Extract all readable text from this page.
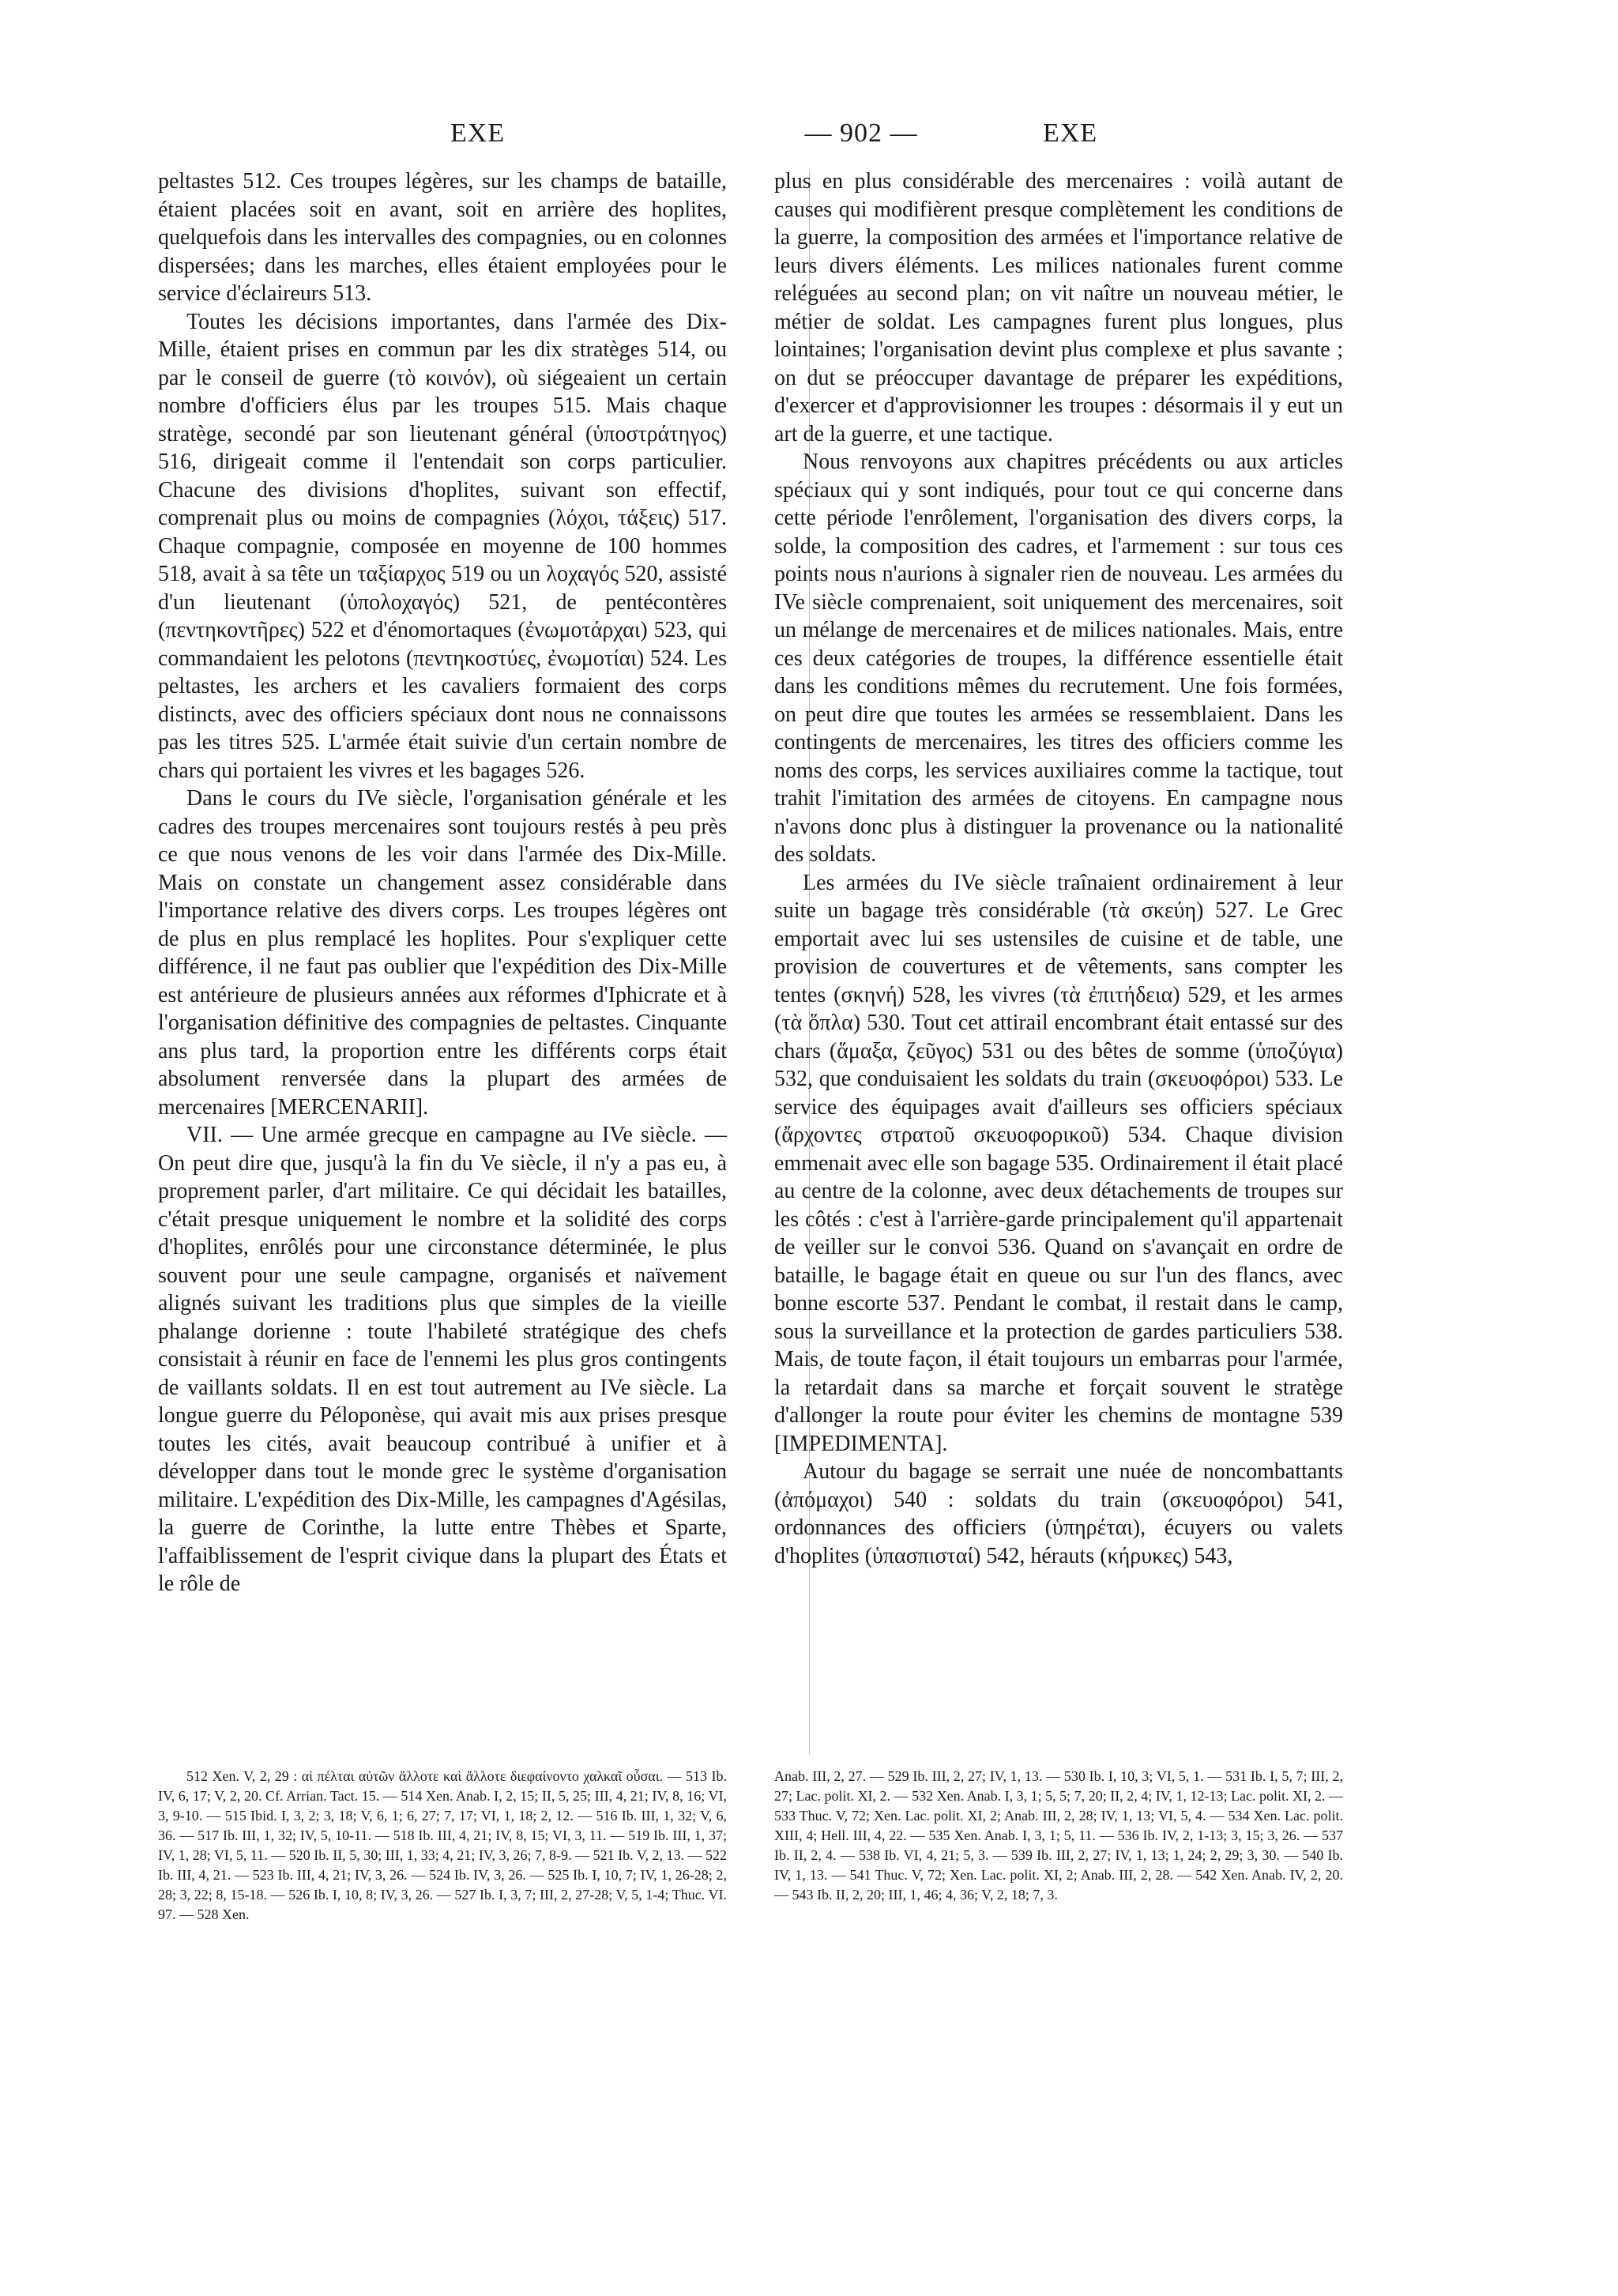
EXE	— 902 —	EXE

peltastes 512. Ces troupes légères, sur les champs de bataille, étaient placées soit en avant, soit en arrière des hoplites, quelquefois dans les intervalles des compagnies, ou en colonnes dispersées; dans les marches, elles étaient employées pour le service d'éclaireurs 513.

Toutes les décisions importantes, dans l'armée des Dix-Mille, étaient prises en commun par les dix stratèges 514, ou par le conseil de guerre (τὸ κοινόν), où siégeaient un certain nombre d'officiers élus par les troupes 515. Mais chaque stratège, secondé par son lieutenant général (ὑποστράτηγος) 516, dirigeait comme il l'entendait son corps particulier. Chacune des divisions d'hoplites, suivant son effectif, comprenait plus ou moins de compagnies (λόχοι, τάξεις) 517. Chaque compagnie, composée en moyenne de 100 hommes 518, avait à sa tête un ταξίαρχος 519 ou un λοχαγός 520, assisté d'un lieutenant (ὑπολοχαγός) 521, de pentécontères (πεντηκοντῆρες) 522 et d'énomortaques (ἐνωμοτάρχαι) 523, qui commandaient les pelotons (πεντηκοστύες, ἐνωμοτίαι) 524. Les peltastes, les archers et les cavaliers formaient des corps distincts, avec des officiers spéciaux dont nous ne connaissons pas les titres 525. L'armée était suivie d'un certain nombre de chars qui portaient les vivres et les bagages 526.

Dans le cours du IVe siècle, l'organisation générale et les cadres des troupes mercenaires sont toujours restés à peu près ce que nous venons de les voir dans l'armée des Dix-Mille. Mais on constate un changement assez considérable dans l'importance relative des divers corps. Les troupes légères ont de plus en plus remplacé les hoplites. Pour s'expliquer cette différence, il ne faut pas oublier que l'expédition des Dix-Mille est antérieure de plusieurs années aux réformes d'Iphicrate et à l'organisation définitive des compagnies de peltastes. Cinquante ans plus tard, la proportion entre les différents corps était absolument renversée dans la plupart des armées de mercenaires [MERCENARII].

VII. — Une armée grecque en campagne au IVe siècle. — On peut dire que, jusqu'à la fin du Ve siècle, il n'y a pas eu, à proprement parler, d'art militaire. Ce qui décidait les batailles, c'était presque uniquement le nombre et la solidité des corps d'hoplites, enrôlés pour une circonstance déterminée, le plus souvent pour une seule campagne, organisés et naïvement alignés suivant les traditions plus que simples de la vieille phalange dorienne : toute l'habileté stratégique des chefs consistait à réunir en face de l'ennemi les plus gros contingents de vaillants soldats. Il en est tout autrement au IVe siècle. La longue guerre du Péloponèse, qui avait mis aux prises presque toutes les cités, avait beaucoup contribué à unifier et à développer dans tout le monde grec le système d'organisation militaire. L'expédition des Dix-Mille, les campagnes d'Agésilas, la guerre de Corinthe, la lutte entre Thèbes et Sparte, l'affaiblissement de l'esprit civique dans la plupart des États et le rôle de

plus en plus considérable des mercenaires : voilà autant de causes qui modifièrent presque complètement les conditions de la guerre, la composition des armées et l'importance relative de leurs divers éléments. Les milices nationales furent comme reléguées au second plan; on vit naître un nouveau métier, le métier de soldat. Les campagnes furent plus longues, plus lointaines; l'organisation devint plus complexe et plus savante ; on dut se préoccuper davantage de préparer les expéditions, d'exercer et d'approvisionner les troupes : désormais il y eut un art de la guerre, et une tactique.

Nous renvoyons aux chapitres précédents ou aux articles spéciaux qui y sont indiqués, pour tout ce qui concerne dans cette période l'enrôlement, l'organisation des divers corps, la solde, la composition des cadres, et l'armement : sur tous ces points nous n'aurions à signaler rien de nouveau. Les armées du IVe siècle comprenaient, soit uniquement des mercenaires, soit un mélange de mercenaires et de milices nationales. Mais, entre ces deux catégories de troupes, la différence essentielle était dans les conditions mêmes du recrutement. Une fois formées, on peut dire que toutes les armées se ressemblaient. Dans les contingents de mercenaires, les titres des officiers comme les noms des corps, les services auxiliaires comme la tactique, tout trahit l'imitation des armées de citoyens. En campagne nous n'avons donc plus à distinguer la provenance ou la nationalité des soldats.

Les armées du IVe siècle traînaient ordinairement à leur suite un bagage très considérable (τὰ σκεύη) 527. Le Grec emportait avec lui ses ustensiles de cuisine et de table, une provision de couvertures et de vêtements, sans compter les tentes (σκηνή) 528, les vivres (τὰ ἐπιτήδεια) 529, et les armes (τὰ ὅπλα) 530. Tout cet attirail encombrant était entassé sur des chars (ἅμαξα, ζεῦγος) 531 ou des bêtes de somme (ὑποζύγια) 532, que conduisaient les soldats du train (σκευοφόροι) 533. Le service des équipages avait d'ailleurs ses officiers spéciaux (ἄρχοντες στρατοῦ σκευοφορικοῦ) 534. Chaque division emmenait avec elle son bagage 535. Ordinairement il était placé au centre de la colonne, avec deux détachements de troupes sur les côtés : c'est à l'arrière-garde principalement qu'il appartenait de veiller sur le convoi 536. Quand on s'avançait en ordre de bataille, le bagage était en queue ou sur l'un des flancs, avec bonne escorte 537. Pendant le combat, il restait dans le camp, sous la surveillance et la protection de gardes particuliers 538. Mais, de toute façon, il était toujours un embarras pour l'armée, la retardait dans sa marche et forçait souvent le stratège d'allonger la route pour éviter les chemins de montagne 539 [IMPEDIMENTA].

Autour du bagage se serrait une nuée de noncombattants (ἀπόμαχοι) 540 : soldats du train (σκευοφόροι) 541, ordonnances des officiers (ὑπηρέται), écuyers ou valets d'hoplites (ὑπασπισταί) 542, hérauts (κήρυκες) 543,

512 Xen. V, 2, 29 : αἱ πέλται αὐτῶν ἄλλοτε καὶ ἄλλοτε διεφαίνοντο χαλκαῖ οὖσαι. — 513 Ib. IV, 6, 17; V, 2, 20. Cf. Arrian. Tact. 15. — 514 Xen. Anab. I, 2, 15; II, 5, 25; III, 4, 21; IV, 8, 16; VI, 3, 9-10. — 515 Ibid. I, 3, 2; 3, 18; V, 6, 1; 6, 27; 7, 17; VI, 1, 18; 2, 12. — 516 Ib. III, 1, 32; V, 6, 36. — 517 Ib. III, 1, 32; IV, 5, 10-11. — 518 Ib. III, 4, 21; IV, 8, 15; VI, 3, 11. — 519 Ib. III, 1, 37; IV, 1, 28; VI, 5, 11. — 520 Ib. II, 5, 30; III, 1, 33; 4, 21; IV, 3, 26; 7, 8-9. — 521 Ib. V, 2, 13. — 522 Ib. III, 4, 21. — 523 Ib. III, 4, 21; IV, 3, 26. — 524 Ib. IV, 3, 26. — 525 Ib. I, 10, 7; IV, 1, 26-28; 2, 28; 3, 22; 8, 15-18. — 526 Ib. I, 10, 8; IV, 3, 26. — 527 Ib. I, 3, 7; III, 2, 27-28; V, 5, 1-4; Thuc. VI. 97. — 528 Xen.

Anab. III, 2, 27. — 529 Ib. III, 2, 27; IV, 1, 13. — 530 Ib. I, 10, 3; VI, 5, 1. — 531 Ib. I, 5, 7; III, 2, 27; Lac. polit. XI, 2. — 532 Xen. Anab. I, 3, 1; 5, 5; 7, 20; II, 2, 4; IV, 1, 12-13; Lac. polit. XI, 2. — 533 Thuc. V, 72; Xen. Lac. polit. XI, 2; Anab. III, 2, 28; IV, 1, 13; VI, 5, 4. — 534 Xen. Lac. polit. XIII, 4; Hell. III, 4, 22. — 535 Xen. Anab. I, 3, 1; 5, 11. — 536 Ib. IV, 2, 1-13; 3, 15; 3, 26. — 537 Ib. II, 2, 4. — 538 Ib. VI, 4, 21; 5, 3. — 539 Ib. III, 2, 27; IV, 1, 13; 1, 24; 2, 29; 3, 30. — 540 Ib. IV, 1, 13. — 541 Thuc. V, 72; Xen. Lac. polit. XI, 2; Anab. III, 2, 28. — 542 Xen. Anab. IV, 2, 20. — 543 Ib. II, 2, 20; III, 1, 46; 4, 36; V, 2, 18; 7, 3.
